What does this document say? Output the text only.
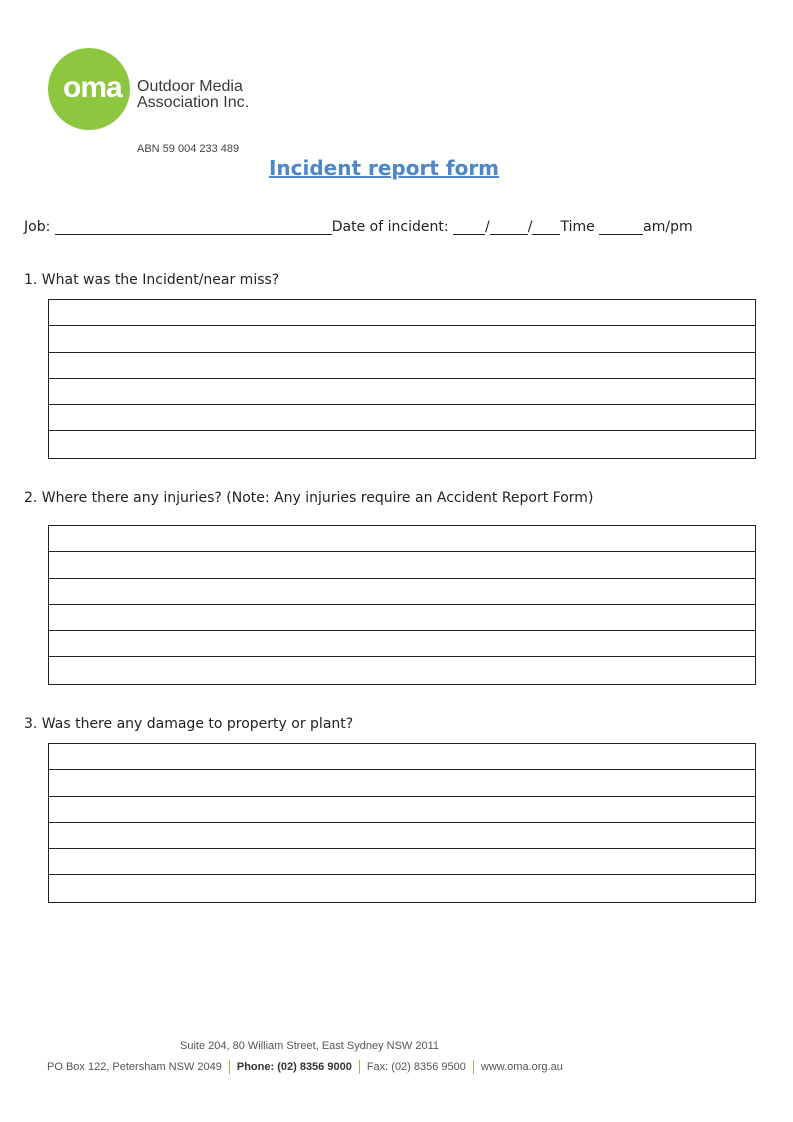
oma Outdoor Media
Association Inc.
ABN 59 004 233 489
Incident report form
Job:	Date of incident:	/	/ Time	am/pm
1. What was the Incident/near miss?
2. Where there any injuries? (Note: Any injuries require an Accident Report Form)
3. Was there any damage to property or plant?
Suite 204, 80 William Street, East Sydney NSW 2011
PO Box 122, Petersham NSW 2049 Phone: (02) 8356 9000 Fax: (02) 8356 9500 www.oma.org.au
